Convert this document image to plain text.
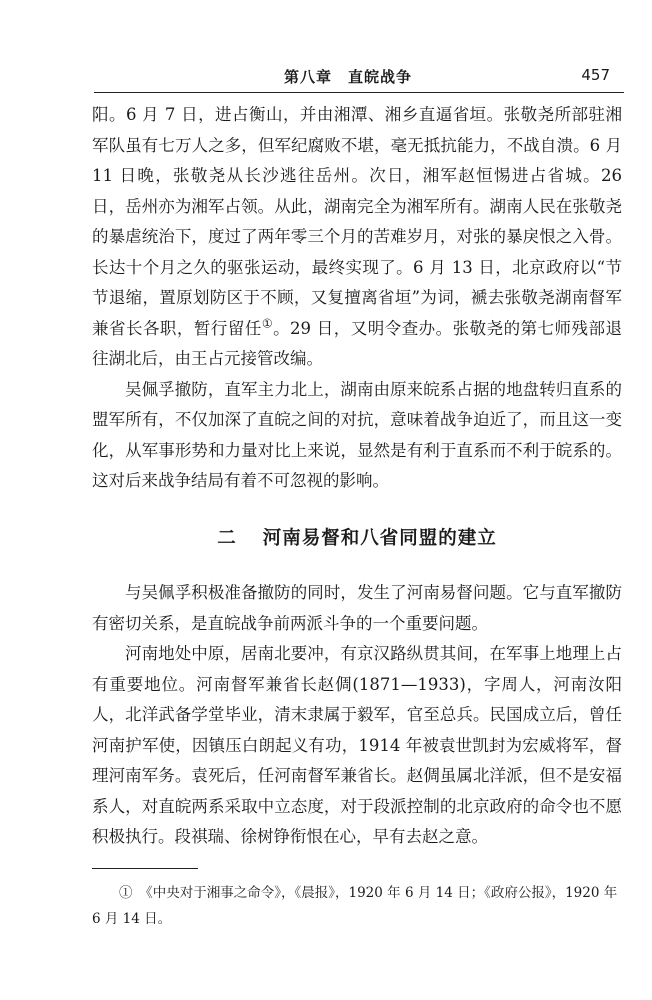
第八章　直皖战争	457

阳。6 月 7 日，进占衡山，并由湘潭、湘乡直逼省垣。张敬尧所部驻湘军队虽有七万人之多，但军纪腐败不堪，毫无抵抗能力，不战自溃。6 月 11 日晚，张敬尧从长沙逃往岳州。次日，湘军赵恒惕进占省城。26 日，岳州亦为湘军占领。从此，湖南完全为湘军所有。湖南人民在张敬尧的暴虐统治下，度过了两年零三个月的苦难岁月，对张的暴戾恨之入骨。长达十个月之久的驱张运动，最终实现了。6 月 13 日，北京政府以“节节退缩，置原划防区于不顾，又复擅离省垣”为词，褫去张敬尧湖南督军兼省长各职，暂行留任①。29 日，又明令查办。张敬尧的第七师残部退往湖北后，由王占元接管改编。

吴佩孚撤防，直军主力北上，湖南由原来皖系占据的地盘转归直系的盟军所有，不仅加深了直皖之间的对抗，意味着战争迫近了，而且这一变化，从军事形势和力量对比上来说，显然是有利于直系而不利于皖系的。这对后来战争结局有着不可忽视的影响。

二 河南易督和八省同盟的建立

与吴佩孚积极准备撤防的同时，发生了河南易督问题。它与直军撤防有密切关系，是直皖战争前两派斗争的一个重要问题。

河南地处中原，居南北要冲，有京汉路纵贯其间，在军事上地理上占有重要地位。河南督军兼省长赵倜(1871—1933)，字周人，河南汝阳人，北洋武备学堂毕业，清末隶属于毅军，官至总兵。民国成立后，曾任河南护军使，因镇压白朗起义有功，1914 年被袁世凯封为宏威将军，督理河南军务。袁死后，任河南督军兼省长。赵倜虽属北洋派，但不是安福系人，对直皖两系采取中立态度，对于段派控制的北京政府的命令也不愿积极执行。段祺瑞、徐树铮衔恨在心，早有去赵之意。

①　《中央对于湘事之命令》，《晨报》，1920 年 6 月 14 日；《政府公报》，1920 年 6 月 14 日。
